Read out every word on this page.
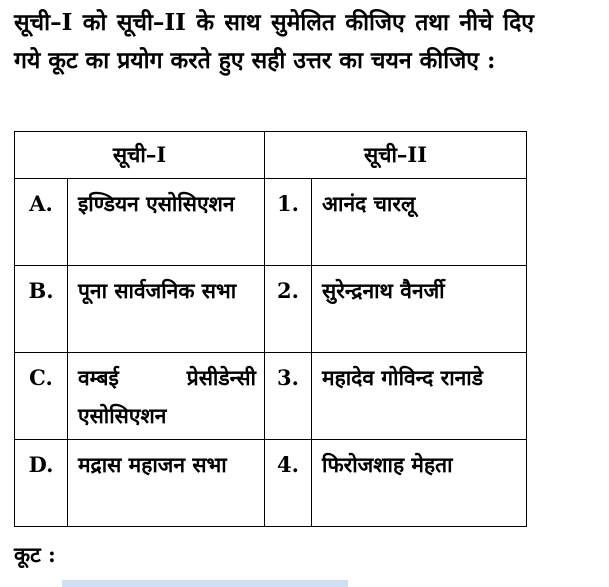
सूची–I को सूची–II के साथ सुमेलित कीजिए तथा नीचे दिए गये कूट का प्रयोग करते हुए सही उत्तर का चयन कीजिए :
सूची–I		सूची–II	
A.	इण्डियन एसोसिएशन	1.	आनंद चारलू
B.	पूना सार्वजनिक सभा	2.	सुरेन्द्रनाथ वैनर्जी
C.	वम्बई प्रेसीडेन्सी एसोसिएशन	3.	महादेव गोविन्द रानाडे
D.	मद्रास महाजन सभा	4.	फिरोजशाह मेहता
कूट :
